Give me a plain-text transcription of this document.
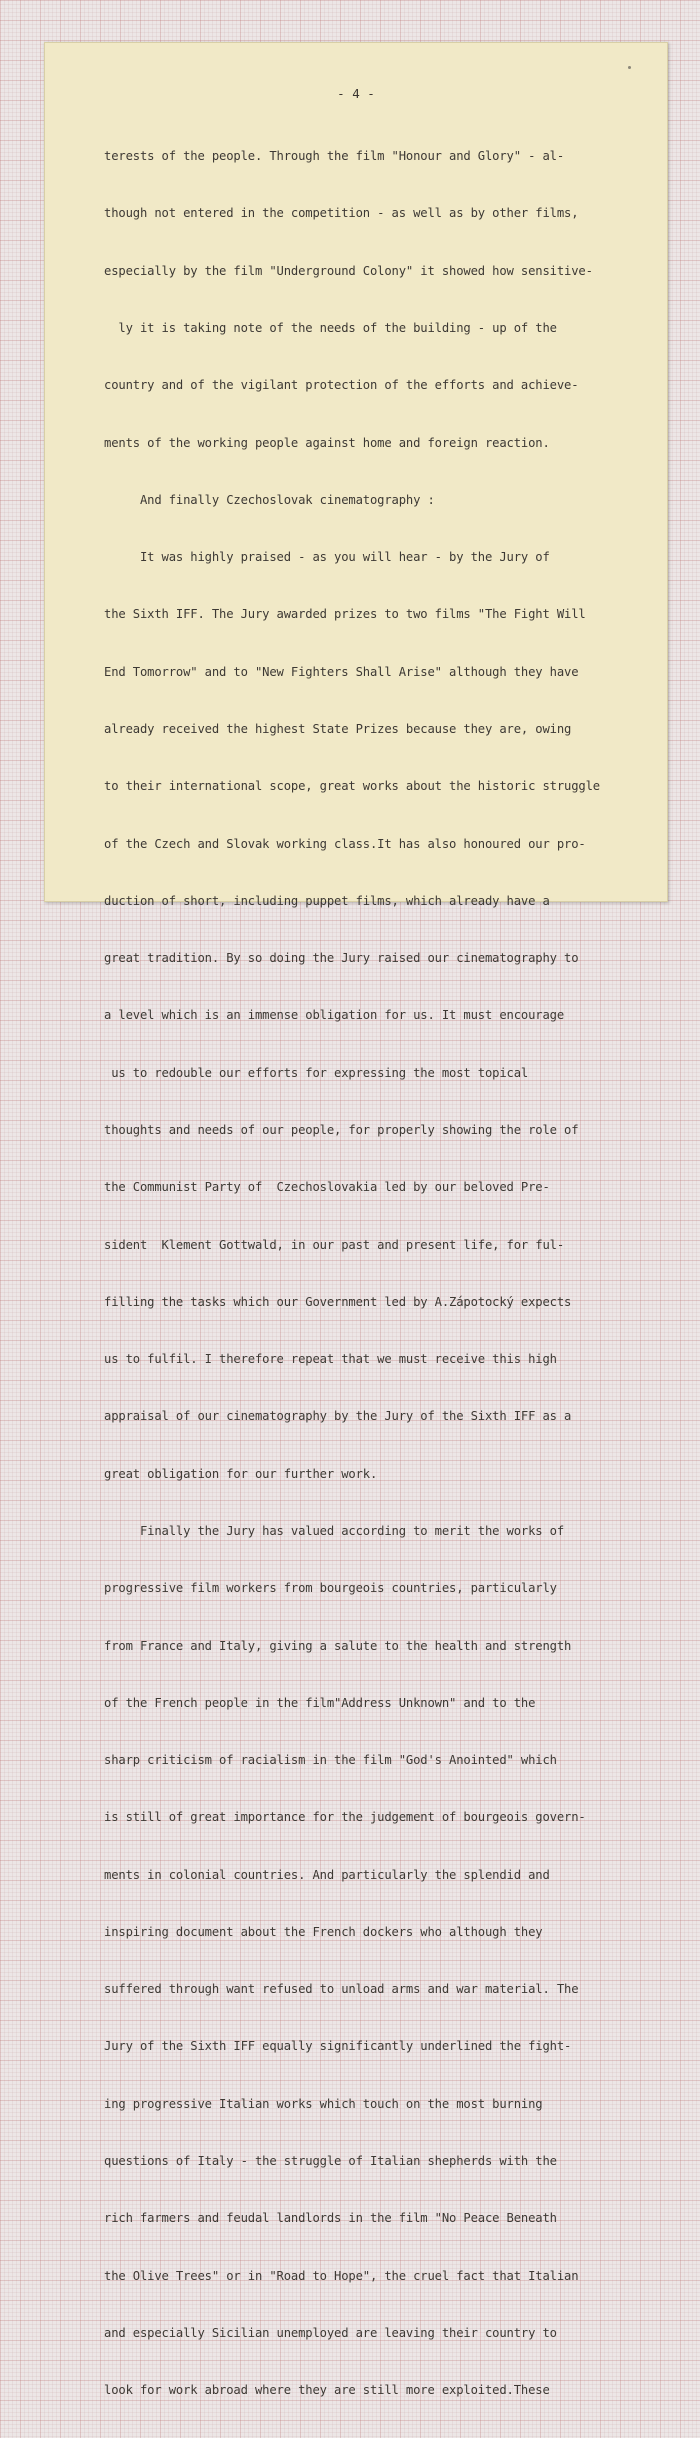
- 4 -

terests of the people. Through the film "Honour and Glory" - al-

though not entered in the competition - as well as by other films,

especially by the film "Underground Colony" it showed how sensitive-

ly it is taking note of the needs of the building - up of the

country and of the vigilant protection of the efforts and achieve-

ments of the working people against home and foreign reaction.

And finally Czechoslovak cinematography :

It was highly praised - as you will hear - by the Jury of

the Sixth IFF. The Jury awarded prizes to two films "The Fight Will

End Tomorrow" and to "New Fighters Shall Arise" although they have

already received the highest State Prizes because they are, owing

to their international scope, great works about the historic struggle

of the Czech and Slovak working class.It has also honoured our pro-

duction of short, including puppet films, which already have a

great tradition. By so doing the Jury raised our cinematography to

a level which is an immense obligation for us. It must encourage

us to redouble our efforts for expressing the most topical

thoughts and needs of our people, for properly showing the role of

the Communist Party of  Czechoslovakia led by our beloved Pre-

sident  Klement Gottwald, in our past and present life, for ful-

filling the tasks which our Government led by A.Zápotocký expects

us to fulfil. I therefore repeat that we must receive this high

appraisal of our cinematography by the Jury of the Sixth IFF as a

great obligation for our further work.

Finally the Jury has valued according to merit the works of

progressive film workers from bourgeois countries, particularly

from France and Italy, giving a salute to the health and strength

of the French people in the film"Address Unknown" and to the

sharp criticism of racialism in the film "God's Anointed" which

is still of great importance for the judgement of bourgeois govern-

ments in colonial countries. And particularly the splendid and

inspiring document about the French dockers who although they

suffered through want refused to unload arms and war material. The

Jury of the Sixth IFF equally significantly underlined the fight-

ing progressive Italian works which touch on the most burning

questions of Italy - the struggle of Italian shepherds with the

rich farmers and feudal landlords in the film "No Peace Beneath

the Olive Trees" or in "Road to Hope", the cruel fact that Italian

and especially Sicilian unemployed are leaving their country to

look for work abroad where they are still more exploited.These
